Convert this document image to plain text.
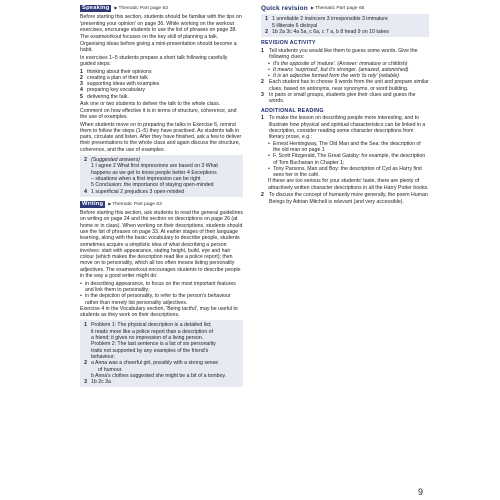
Speaking	▶Thematic Part page 63

Before starting this section, students should be familiar with the tips on 'presenting your opinion' on page 36. While working on the workout exercises, encourage students to use the list of phrases on page 38.

The examworkout focuses on the key skill of planning a talk. Organising ideas before giving a mini-presentation should become a habit.

In exercises 1–5 students prepare a short talk following carefully guided steps:

1 thinking about their opinions
2 creating a plan of their talk
3 supporting ideas with examples
4 preparing key vocabulary
5 delivering the talk.

Ask one or two students to deliver the talk to the whole class. Comment on how effective it is in terms of structure, coherence, and the use of examples.

When students move on to preparing the talks in Exercise 6, remind them to follow the steps (1–5) they have practised. As students talk in pairs, circulate and listen. After they have finished, ask a few to deliver their presentations to the whole class and again discuss the structure, coherence, and the use of examples.

2 (Suggested answers)
1 I agree 2 What first impressions are based on 3 What
happens as we get to know people better 4 Exceptions
– situations when a first impression can be right
5 Conclusion: the importance of staying open-minded
4 1 superficial 2 prejudices 3 open-minded
Writing	▶Thematic Part page 63

Before starting this section, ask students to read the general guidelines on writing on page 24 and the section on descriptions on page 26 (at home or in class). When working on their descriptions, students should use the list of phrases on page 33. At earlier stages of their language learning, along with the basic vocabulary to describe people, students sometimes acquire a simplistic idea of what describing a person involves: start with appearance, stating height, build, eye and hair colour (which makes the description read like a police report); then move on to personality, which all too often means listing personality adjectives. The examworkout encourages students to describe people in the way a good writer might do:

• in describing appearance, to focus on the most important features and link them to personality;
• in the depiction of personality, to refer to the person's behaviour rather than merely list personality adjectives.

Exercise 4 in the Vocabulary section, 'Being tactful', may be useful to students as they work on their descriptions.

1 Problem 1: The physical description is a detailed list;
it reads more like a police report than a description of
a friend; it gives no impression of a living person.
Problem 2: The last sentence is a list of six personality
traits not supported by any examples of the friend's
behaviour.
2 a Anna was a cheerful girl, possibly with a strong sense
of humour.
b Anna's clothes suggested she might be a bit of a tomboy.
3 1b 2c 3a
Quick revision ▶Thematic Part page 65
1 1 unreliable 2 insincere 3 irresponsible 3 immature
5 illiterate 6 disloyal
2 1b 2a 3c 4a 5a, c 6a, c 7 a, b 8 head 9 on 10 takes
REVISION ACTIVITY
1 Tell students you would like them to guess some words. Give the following clues:
• It's the opposite of 'mature'. (Answer: immature or childish)
• It means 'surprised', but it's stronger. (amazed, astonished)
• It is an adjective formed form the verb 'to rely' (reliable)
2 Each student has to choose 9 words from the unit and prepare similar clues, based on antonyms, near synonyms, or word building.
3 In pairs or small groups, students give their clues and guess the words.
ADDITIONAL READING
1 To make the lesson on describing people more interesting, and to illustrate how physical and spiritual characteristics can be linked in a description, consider reading some character descriptions from literary prose, e.g.:
• Ernest Hemingway, The Old Man and the Sea: the description of the old man on page 1
• F. Scott Fitzgerald, The Great Gatsby: for example, the description of Tom Buchanan in Chapter 1;
• Tony Parsons, Man and Boy: the description of Cyd as Harry first sees her in the café.

If these are too serious for your students' taste, there are plenty of attractively written character descriptions in all the Harry Potter books.

2 To discuss the concept of humanity more generally, the poem Human Beings by Adrian Mitchell is relevant (and very accessible).
9
